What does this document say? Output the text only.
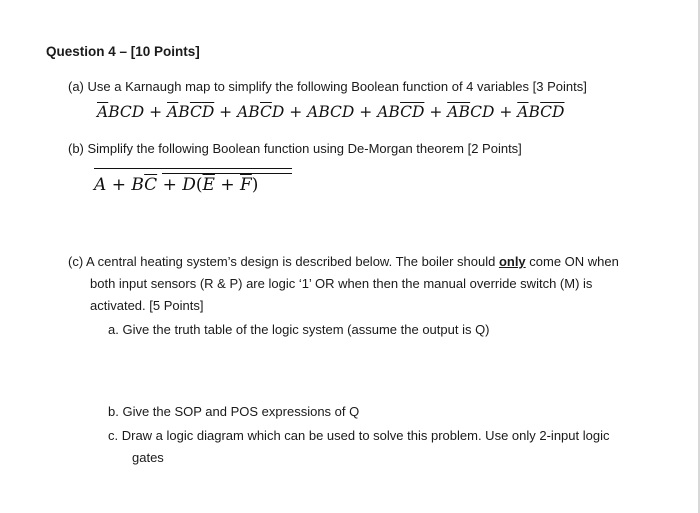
Question 4 – [10 Points]
(a) Use a Karnaugh map to simplify the following Boolean function of 4 variables [3 Points]
$\overline{A}BCD + \overline{A}B\overline{C}\overline{D} + AB\overline{C}D$ + ABCD + $AB\overline{C}\overline{D} + \overline{A}\overline{B}CD + \overline{A}B\overline{C}\overline{D}$
(b) Simplify the following Boolean function using De-Morgan theorem [2 Points]
$A + B\overline{C} + D(\overline{E} + \overline{F})$
(c) A central heating system’s design is described below. The boiler should only come ON when
both input sensors (R & P) are logic ‘1’ OR when then the manual override switch (M) is
activated. [5 Points]
a. Give the truth table of the logic system (assume the output is Q)
b. Give the SOP and POS expressions of Q
c. Draw a logic diagram which can be used to solve this problem. Use only 2-input logic
gates
